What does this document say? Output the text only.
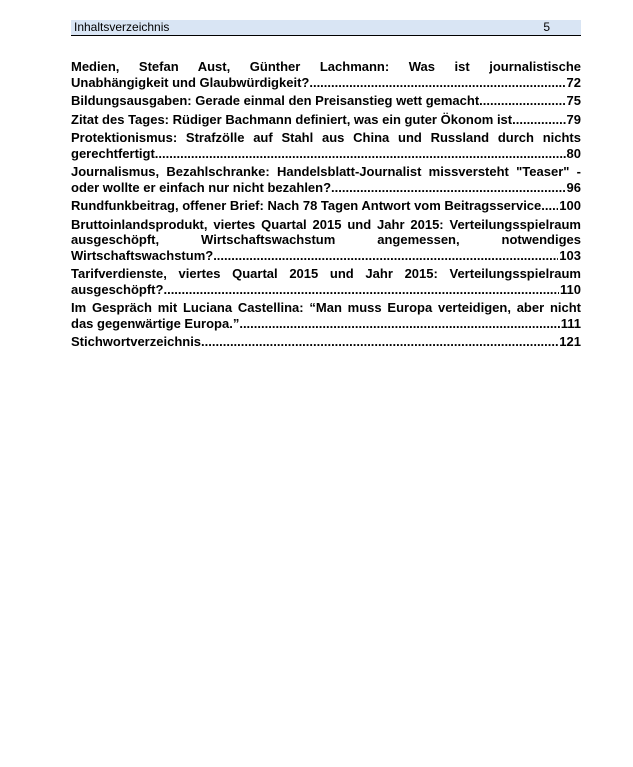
Inhaltsverzeichnis	5
Medien, Stefan Aust, Günther Lachmann: Was ist journalistische
Unabhängigkeit und Glaubwürdigkeit? .....	72
Bildungsausgaben: Gerade einmal den Preisanstieg wett gemacht .....	75
Zitat des Tages: Rüdiger Bachmann definiert, was ein guter Ökonom ist .....	79
Protektionismus: Strafzölle auf Stahl aus China und Russland durch nichts
gerechtfertigt .....	80
Journalismus, Bezahlschranke: Handelsblatt-Journalist missversteht "Teaser" -
oder wollte er einfach nur nicht bezahlen? .....	96
Rundfunkbeitrag, offener Brief: Nach 78 Tagen Antwort vom Beitragsservice. ..... 100
Bruttoinlandsprodukt, viertes Quartal 2015 und Jahr 2015: Verteilungsspielraum
ausgeschöpft, Wirtschaftswachstum angemessen, notwendiges
Wirtschaftswachstum? .....	103
Tarifverdienste, viertes Quartal 2015 und Jahr 2015: Verteilungsspielraum
ausgeschöpft? .....	110
Im Gespräch mit Luciana Castellina: “Man muss Europa verteidigen, aber nicht
das gegenwärtige Europa.” .....	111
Stichwortverzeichnis .....	121
